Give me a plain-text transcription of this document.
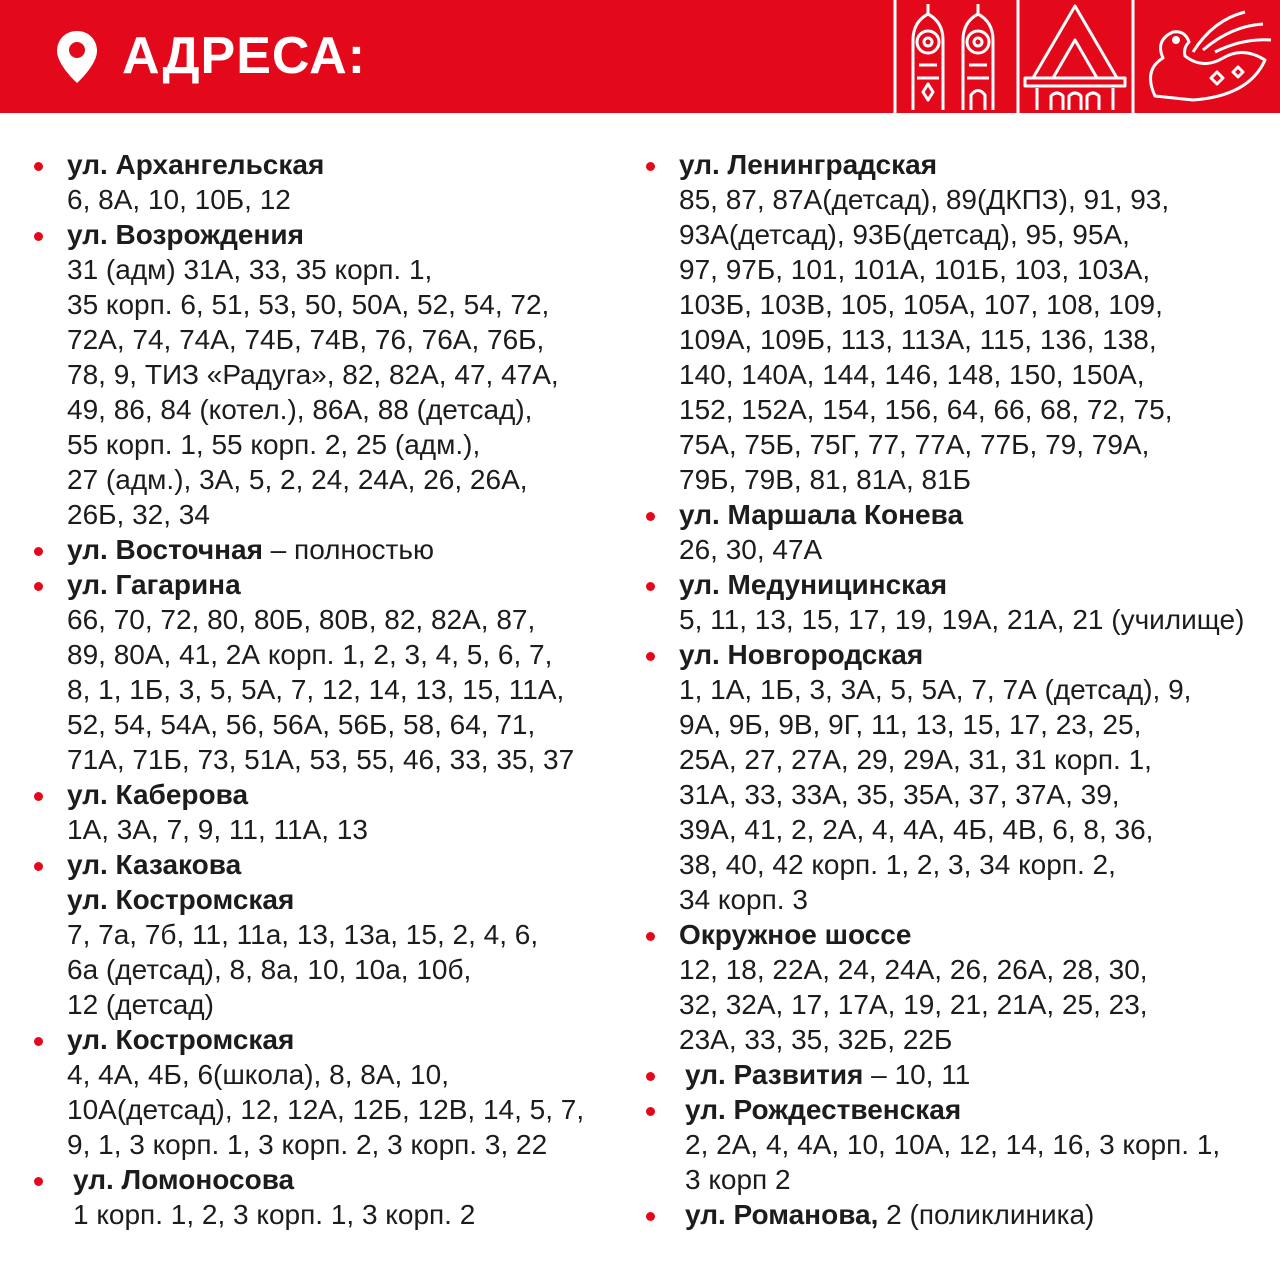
АДРЕСА:
ул. Архангельская
6, 8А, 10, 10Б, 12
ул. Возрождения
31 (адм) 31А, 33, 35 корп. 1,
35 корп. 6, 51, 53, 50, 50А, 52, 54, 72,
72А, 74, 74А, 74Б, 74В, 76, 76А, 76Б,
78, 9, ТИЗ «Радуга», 82, 82А, 47, 47А,
49, 86, 84 (котел.), 86А, 88 (детсад),
55 корп. 1, 55 корп. 2, 25 (адм.),
27 (адм.), 3А, 5, 2, 24, 24А, 26, 26А,
26Б, 32, 34
ул. Восточная – полностью
ул. Гагарина
66, 70, 72, 80, 80Б, 80В, 82, 82А, 87,
89, 80А, 41, 2А корп. 1, 2, 3, 4, 5, 6, 7,
8, 1, 1Б, 3, 5, 5А, 7, 12, 14, 13, 15, 11А,
52, 54, 54А, 56, 56А, 56Б, 58, 64, 71,
71А, 71Б, 73, 51А, 53, 55, 46, 33, 35, 37
ул. Каберова
1А, 3А, 7, 9, 11, 11А, 13
ул. Казакова
ул. Костромская
7, 7а, 7б, 11, 11а, 13, 13а, 15, 2, 4, 6,
6а (детсад), 8, 8а, 10, 10а, 10б,
12 (детсад)
ул. Костромская
4, 4А, 4Б, 6(школа), 8, 8А, 10,
10А(детсад), 12, 12А, 12Б, 12В, 14, 5, 7,
9, 1, 3 корп. 1, 3 корп. 2, 3 корп. 3, 22
ул. Ломоносова
1 корп. 1, 2, 3 корп. 1, 3 корп. 2
ул. Ленинградская
85, 87, 87А(детсад), 89(ДКПЗ), 91, 93,
93А(детсад), 93Б(детсад), 95, 95А,
97, 97Б, 101, 101А, 101Б, 103, 103А,
103Б, 103В, 105, 105А, 107, 108, 109,
109А, 109Б, 113, 113А, 115, 136, 138,
140, 140А, 144, 146, 148, 150, 150А,
152, 152А, 154, 156, 64, 66, 68, 72, 75,
75А, 75Б, 75Г, 77, 77А, 77Б, 79, 79А,
79Б, 79В, 81, 81А, 81Б
ул. Маршала Конева
26, 30, 47А
ул. Медуницинская
5, 11, 13, 15, 17, 19, 19А, 21А, 21 (училище)
ул. Новгородская
1, 1А, 1Б, 3, 3А, 5, 5А, 7, 7А (детсад), 9,
9А, 9Б, 9В, 9Г, 11, 13, 15, 17, 23, 25,
25А, 27, 27А, 29, 29А, 31, 31 корп. 1,
31А, 33, 33А, 35, 35А, 37, 37А, 39,
39А, 41, 2, 2А, 4, 4А, 4Б, 4В, 6, 8, 36,
38, 40, 42 корп. 1, 2, 3, 34 корп. 2,
34 корп. 3
Окружное шоссе
12, 18, 22А, 24, 24А, 26, 26А, 28, 30,
32, 32А, 17, 17А, 19, 21, 21А, 25, 23,
23А, 33, 35, 32Б, 22Б
ул. Развития – 10, 11
ул. Рождественская
2, 2А, 4, 4А, 10, 10А, 12, 14, 16, 3 корп. 1,
3 корп 2
ул. Романова, 2 (поликлиника)
